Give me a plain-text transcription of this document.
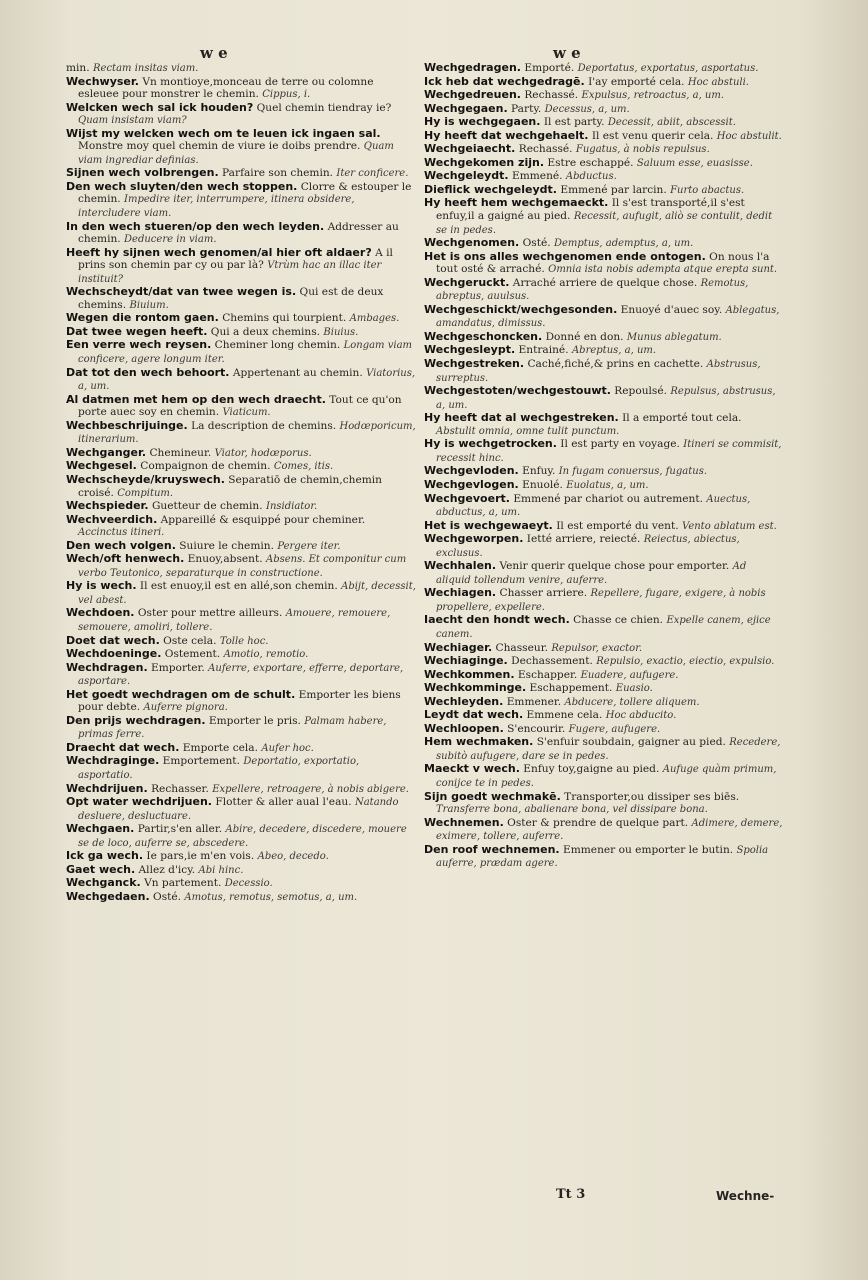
w e	w e
min. Rectam insitas viam.
Wechwyser. Vn montioye,monceau de terre ou colomne esleuee pour monstrer le chemin. Cippus, i.
Welcken wech sal ick houden? Quel chemin tiendray ie? Quam insistam viam?
Wijst my welcken wech om te leuen ick ingaen sal. Monstre moy quel chemin de viure ie doibs prendre. Quam viam ingrediar definias.
Sijnen wech volbrengen. Parfaire son chemin. Iter conficere.
Den wech sluyten/den wech stoppen. Clorre & estouper le chemin. Impedire iter, interrumpere, itinera obsidere, intercludere viam.
In den wech stueren/op den wech leyden. Addresser au chemin. Deducere in viam.
Heeft hy sijnen wech genomen/al hier oft aldaer? A il prins son chemin par cy ou par là? Vtrùm hac an illac iter instituit?
Wechscheydt/dat van twee wegen is. Qui est de deux chemins. Biuium.
Wegen die rontom gaen. Chemins qui tourpient. Ambages.
Dat twee wegen heeft. Qui a deux chemins. Biuius.
Een verre wech reysen. Cheminer long chemin. Longam viam conficere, agere longum iter.
Dat tot den wech behoort. Appertenant au chemin. Viatorius, a, um.
Al datmen met hem op den wech draecht. Tout ce qu'on porte auec soy en chemin. Viaticum.
Wechbeschrijuinge. La description de chemins. Hodœporicum, itinerarium.
Wechganger. Chemineur. Viator, hodœporus.
Wechgesel. Compaignon de chemin. Comes, itis.
Wechscheyde/kruyswech. Separatiō de chemin,chemin croisé. Compitum.
Wechspieder. Guetteur de chemin. Insidiator.
Wechveerdich. Appareillé & esquippé pour cheminer. Accinctus itineri.
Den wech volgen. Suiure le chemin. Pergere iter.
Wech/oft henwech. Enuoy,absent. Absens. Et componitur cum verbo Teutonico, separaturque in constructione.
Hy is wech. Il est enuoy,il est en allé,son chemin. Abijt, decessit, vel abest.
Wechdoen. Oster pour mettre ailleurs. Amouere, remouere, semouere, amoliri, tollere.
Doet dat wech. Oste cela. Tolle hoc.
Wechdoeninge. Ostement. Amotio, remotio.
Wechdragen. Emporter. Auferre, exportare, efferre, deportare, asportare.
Het goedt wechdragen om de schult. Emporter les biens pour debte. Auferre pignora.
Den prijs wechdragen. Emporter le pris. Palmam habere, primas ferre.
Draecht dat wech. Emporte cela. Aufer hoc.
Wechdraginge. Emportement. Deportatio, exportatio, asportatio.
Wechdrijuen. Rechasser. Expellere, retroagere, à nobis abigere.
Opt water wechdrijuen. Flotter & aller aual l'eau. Natando desluere, desluctuare.
Wechgaen. Partir,s'en aller. Abire, decedere, discedere, mouere se de loco, auferre se, abscedere.
Ick ga wech. Ie pars,ie m'en vois. Abeo, decedo.
Gaet wech. Allez d'icy. Abi hinc.
Wechganck. Vn partement. Decessio.
Wechgedaen. Osté. Amotus, remotus, semotus, a, um.
Wechgedragen. Emporté. Deportatus, exportatus, asportatus.
Ick heb dat wechgedragē. I'ay emporté cela. Hoc abstuli.
Wechgedreuen. Rechassé. Expulsus, retroactus, a, um.
Wechgegaen. Party. Decessus, a, um.
Hy is wechgegaen. Il est party. Decessit, abiit, abscessit.
Hy heeft dat wechgehaelt. Il est venu querir cela. Hoc abstulit.
Wechgeiaecht. Rechassé. Fugatus, à nobis repulsus.
Wechgekomen zijn. Estre eschappé. Saluum esse, euasisse.
Wechgeleydt. Emmené. Abductus.
Dieflick wechgeleydt. Emmené par larcin. Furto abactus.
Hy heeft hem wechgemaeckt. Il s'est transporté,il s'est enfuy,il a gaigné au pied. Recessit, aufugit, aliò se contulit, dedit se in pedes.
Wechgenomen. Osté. Demptus, ademptus, a, um.
Het is ons alles wechgenomen ende ontogen. On nous l'a tout osté & arraché. Omnia ista nobis adempta atque erepta sunt.
Wechgeruckt. Arraché arriere de quelque chose. Remotus, abreptus, auulsus.
Wechgeschickt/wechgesonden. Enuoyé d'auec soy. Ablegatus, amandatus, dimissus.
Wechgeschoncken. Donné en don. Munus ablegatum.
Wechgesleypt. Entrainé. Abreptus, a, um.
Wechgestreken. Caché,fiché,& prins en cachette. Abstrusus, surreptus.
Wechgestoten/wechgestouwt. Repoulsé. Repulsus, abstrusus, a, um.
Hy heeft dat al wechgestreken. Il a emporté tout cela. Abstulit omnia, omne tulit punctum.
Hy is wechgetrocken. Il est party en voyage. Itineri se commisit, recessit hinc.
Wechgevloden. Enfuy. In fugam conuersus, fugatus.
Wechgevlogen. Enuolé. Euolatus, a, um.
Wechgevoert. Emmené par chariot ou autrement. Auectus, abductus, a, um.
Het is wechgewaeyt. Il est emporté du vent. Vento ablatum est.
Wechgeworpen. Ietté arriere, reiecté. Reiectus, abiectus, exclusus.
Wechhalen. Venir querir quelque chose pour emporter. Ad aliquid tollendum venire, auferre.
Wechiagen. Chasser arriere. Repellere, fugare, exigere, à nobis propellere, expellere.
Iaecht den hondt wech. Chasse ce chien. Expelle canem, ejice canem.
Wechiager. Chasseur. Repulsor, exactor.
Wechiaginge. Dechassement. Repulsio, exactio, eiectio, expulsio.
Wechkommen. Eschapper. Euadere, aufugere.
Wechkomminge. Eschappement. Euasio.
Wechleyden. Emmener. Abducere, tollere aliquem.
Leydt dat wech. Emmene cela. Hoc abducito.
Wechloopen. S'encourir. Fugere, aufugere.
Hem wechmaken. S'enfuir soubdain, gaigner au pied. Recedere, subitò aufugere, dare se in pedes.
Maeckt v wech. Enfuy toy,gaigne au pied. Aufuge quàm primum, conijce te in pedes.
Sijn goedt wechmakē. Transporter,ou dissiper ses biēs. Transferre bona, abalienare bona, vel dissipare bona.
Wechnemen. Oster & prendre de quelque part. Adimere, demere, eximere, tollere, auferre.
Den roof wechnemen. Emmener ou emporter le butin. Spolia auferre, prædam agere.
Tt 3	Wechne-
